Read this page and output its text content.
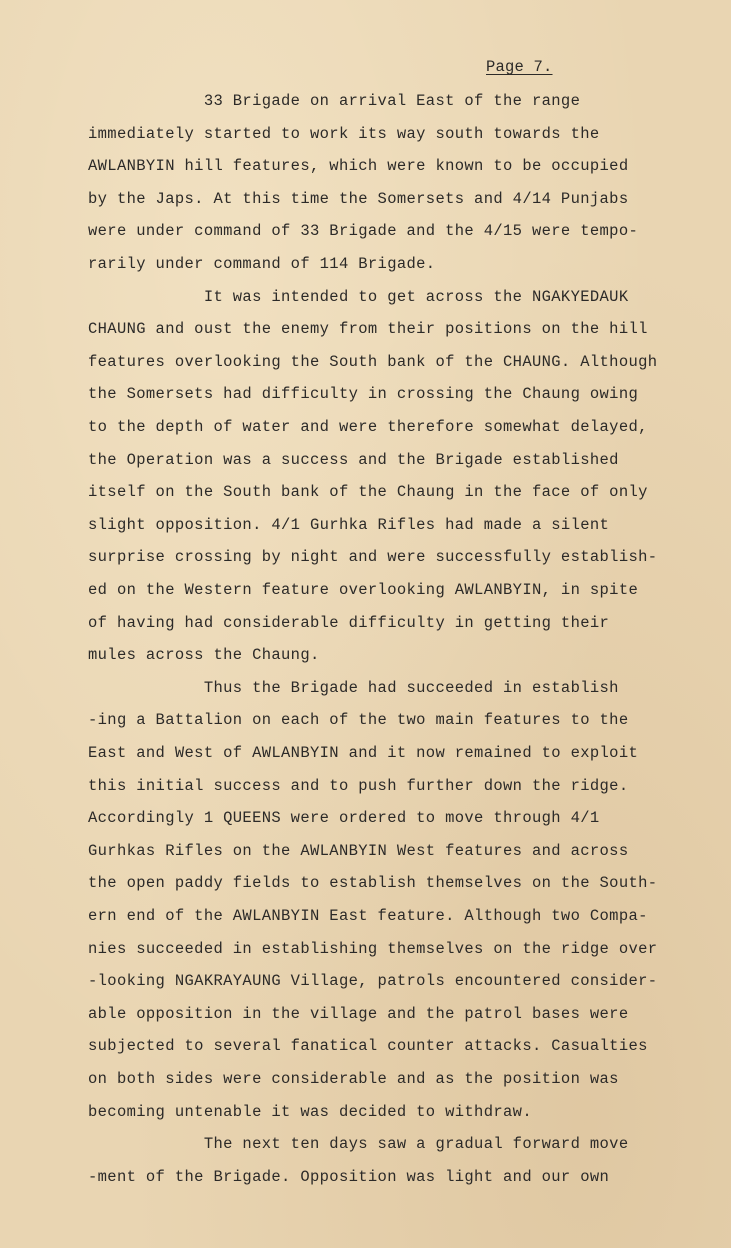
Page 7.
33 Brigade on arrival East of the range
immediately started to work its way south towards the
AWLANBYIN hill features, which were known to be occupied
by the Japs. At this time the Somersets and 4/14 Punjabs
were under command of 33 Brigade and the 4/15 were tempo-
rarily under command of 114 Brigade.
It was intended to get across the NGAKYEDAUK
CHAUNG and oust the enemy from their positions on the hill
features overlooking the South bank of the CHAUNG. Although
the Somersets had difficulty in crossing the Chaung owing
to the depth of water and were therefore somewhat delayed,
the Operation was a success and the Brigade established
itself on the South bank of the Chaung in the face of only
slight opposition. 4/1 Gurhka Rifles had made a silent
surprise crossing by night and were successfully establish-
ed on the Western feature overlooking AWLANBYIN, in spite
of having had considerable difficulty in getting their
mules across the Chaung.
Thus the Brigade had succeeded in establish
-ing a Battalion on each of the two main features to the
East and West of AWLANBYIN and it now remained to exploit
this initial success and to push further down the ridge.
Accordingly 1 QUEENS were ordered to move through 4/1
Gurhkas Rifles on the AWLANBYIN West features and across
the open paddy fields to establish themselves on the South-
ern end of the AWLANBYIN East feature. Although two Compa-
nies succeeded in establishing themselves on the ridge over
-looking NGAKRAYAUNG Village, patrols encountered consider-
able opposition in the village and the patrol bases were
subjected to several fanatical counter attacks. Casualties
on both sides were considerable and as the position was
becoming untenable it was decided to withdraw.
The next ten days saw a gradual forward move
-ment of the Brigade. Opposition was light and our own
